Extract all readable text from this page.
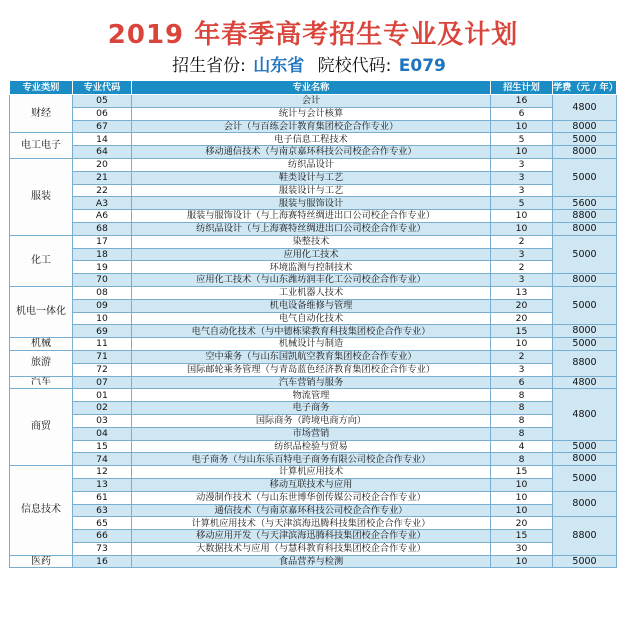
2019 年春季高考招生专业及计划
招生省份: 山东省 院校代码: E079
专业类别	专业代码	专业名称	招生计划	学费（元 / 年）
财经	05	会计	16	4800
	06	统计与会计核算	6	
	67	会计（与百练会计教育集团校企合作专业）	10	8000
电工电子	14	电子信息工程技术	5	5000
	64	移动通信技术（与南京嘉环科技公司校企合作专业）	10	8000
服装	20	纺织品设计	3	5000
	21	鞋类设计与工艺	3	
	22	服装设计与工艺	3	
	A3	服装与服饰设计	5	5600
	A6	服装与服饰设计（与上海赛特丝绸进出口公司校企合作专业）	10	8800
	68	纺织品设计（与上海赛特丝绸进出口公司校企合作专业）	10	8000
化工	17	染整技术	2	5000
	18	应用化工技术	3	
	19	环境监测与控制技术	2	
	70	应用化工技术（与山东潍坊润丰化工公司校企合作专业）	3	8000
机电一体化	08	工业机器人技术	13	5000
	09	机电设备维修与管理	20	
	10	电气自动化技术	20	
	69	电气自动化技术（与中德栋梁教育科技集团校企合作专业）	15	8000
机械	11	机械设计与制造	10	5000
旅游	71	空中乘务（与山东国凯航空教育集团校企合作专业）	2	8800
	72	国际邮轮乘务管理（与青岛蓝色经济教育集团校企合作专业）	3	
汽车	07	汽车营销与服务	6	4800
商贸	01	物流管理	8	4800
	02	电子商务	8	
	03	国际商务（跨境电商方向）	8	
	04	市场营销	8	
	15	纺织品检验与贸易	4	5000
	74	电子商务（与山东乐百特电子商务有限公司校企合作专业）	8	8000
信息技术	12	计算机应用技术	15	5000
	13	移动互联技术与应用	10	
	61	动漫制作技术（与山东世博华创传媒公司校企合作专业）	10	8000
	63	通信技术（与南京嘉环科技公司校企合作专业）	10	
	65	计算机应用技术（与天津滨海迅腾科技集团校企合作专业）	20	8800
	66	移动应用开发（与天津滨海迅腾科技集团校企合作专业）	15	
	73	大数据技术与应用（与慧科教育科技集团校企合作专业）	30	
医药	16	食品营养与检测	10	5000
